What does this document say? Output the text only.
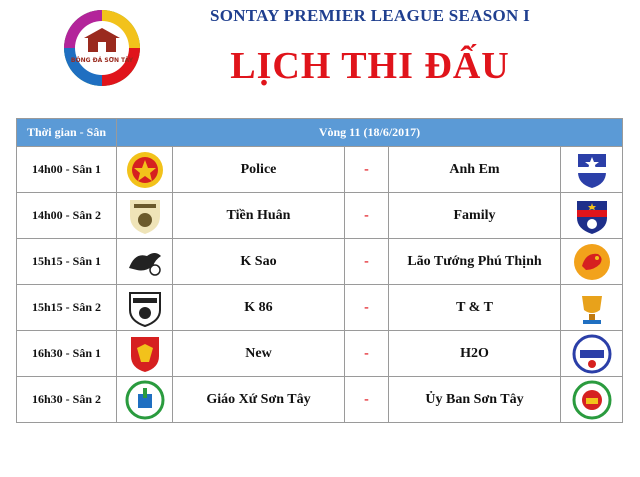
BÓNG ĐÁ SƠN TÂY
SONTAY PREMIER LEAGUE SEASON I
LỊCH THI ĐẤU
Thời gian - Sân	Vòng 11 (18/6/2017)				
14h00 - Sân 1		Police	-	Anh Em	
14h00 - Sân 2		Tiền Huân	-	Family	
15h15 - Sân 1		K Sao	-	Lão Tướng Phú Thịnh	
15h15 - Sân 2		K 86	-	T & T	
16h30 - Sân 1		New	-	H2O	
16h30 - Sân 2		Giáo Xứ Sơn Tây	-	Ủy Ban Sơn Tây	
